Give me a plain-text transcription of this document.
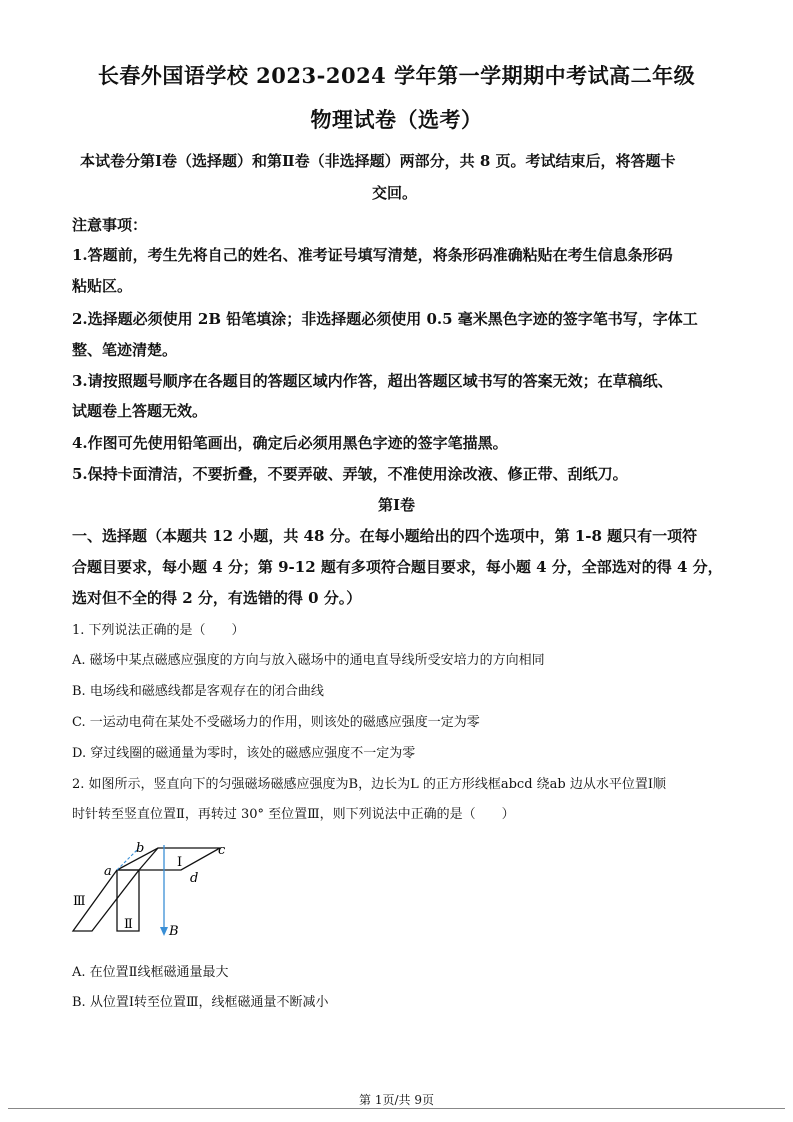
长春外国语学校 2023-2024 学年第一学期期中考试高二年级
物理试卷（选考）
本试卷分第Ⅰ卷（选择题）和第Ⅱ卷（非选择题）两部分，共 8 页。考试结束后，将答题卡
交回。
注意事项：
1.答题前，考生先将自己的姓名、准考证号填写清楚，将条形码准确粘贴在考生信息条形码
粘贴区。
2.选择题必须使用 2B 铅笔填涂；非选择题必须使用 0.5 毫米黑色字迹的签字笔书写，字体工
整、笔迹清楚。
3.请按照题号顺序在各题目的答题区域内作答，超出答题区域书写的答案无效；在草稿纸、
试题卷上答题无效。
4.作图可先使用铅笔画出，确定后必须用黑色字迹的签字笔描黑。
5.保持卡面清洁，不要折叠，不要弄破、弄皱，不准使用涂改液、修正带、刮纸刀。
第Ⅰ卷
一、选择题（本题共 12 小题，共 48 分。在每小题给出的四个选项中，第 1-8 题只有一项符
合题目要求，每小题 4 分；第 9-12 题有多项符合题目要求，每小题 4 分，全部选对的得 4 分，
选对但不全的得 2 分，有选错的得 0 分。）
1. 下列说法正确的是（　　）
A. 磁场中某点磁感应强度的方向与放入磁场中的通电直导线所受安培力的方向相同
B. 电场线和磁感线都是客观存在的闭合曲线
C. 一运动电荷在某处不受磁场力的作用，则该处的磁感应强度一定为零
D. 穿过线圈的磁通量为零时，该处的磁感应强度不一定为零
2. 如图所示，竖直向下的匀强磁场磁感应强度为B，边长为L 的正方形线框abcd 绕ab 边从水平位置Ⅰ顺
时针转至竖直位置Ⅱ，再转过 30° 至位置Ⅲ，则下列说法中正确的是（　　）
a
b	c
d
Ⅰ
Ⅱ
Ⅲ
B
A. 在位置Ⅱ线框磁通量最大
B. 从位置Ⅰ转至位置Ⅲ，线框磁通量不断减小
第 1页/共 9页
